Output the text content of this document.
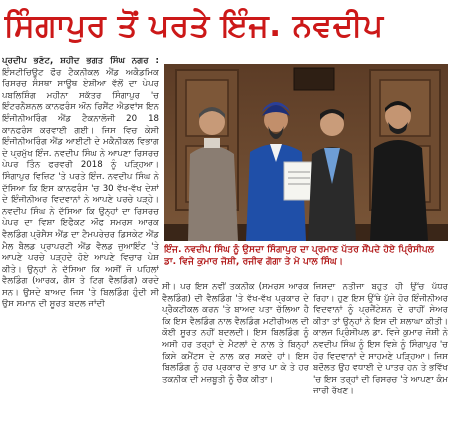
ਸਿੰਗਾਪੁਰ ਤੋਂ ਪਰਤੇ ਇੰਜ. ਨਵਦੀਪ
ਪ੍ਰਦੀਪ ਭਣੋਟ, ਸ਼ਹੀਦ ਭਗਤ ਸਿੰਘ ਨਗਰ : ਇੰਸਟੀਚਿਊਟ ਫੌਰ ਟੈਕਨੀਕਲ ਐਂਡ ਅਕੈਡਮਿਕ ਰਿਸਰਚ ਸੰਸਥਾ ਸਾਊਥ ਏਸ਼ੀਆ ਵੱਲੋਂ ਦਾ ਪੇਪਰ ਪਬਲਿਸ਼ਿੰਗ ਮਹੀਨਾ ਸਕੱਤਰ ਸਿੰਗਾਪੁਰ 'ਚ ਇੰਟਰਨੈਸ਼ਨਲ ਕਾਨਫਰੰਸ ਔਨ ਰਿਸੈਂਟ ਐਡਵਾਂਸ ਇਨ ਇੰਜੀਨੀਅਰਿੰਗ ਐਂਡ ਟੈਕਨਾਲੋਜੀ 20 18 ਕਾਨਫਰੰਸ ਕਰਵਾਈ ਗਈ। ਜਿਸ ਵਿਚ ਕੇਸੀ ਇੰਜੀਨੀਅਰਿੰਗ ਐਂਡ ਆਈਟੀ ਦੇ ਮਕੈਨੀਕਲ ਵਿਭਾਗ ਦੇ ਪ੍ਰਮੁੱਖ ਇੰਜ. ਨਵਦੀਪ ਸਿੰਘ ਨੇ ਆਪਣਾ ਰਿਸਰਚ ਪੇਪਰ ਤਿੰਨ ਫਰਵਰੀ 2018 ਨੂੰ ਪੜ੍ਹਿਆ। ਸਿੰਗਾਪੁਰ ਵਿਜ਼ਿਟ 'ਤੇ ਪਰਤੇ ਇੰਜ. ਨਵਦੀਪ ਸਿੰਘ ਨੇ ਦੱਸਿਆ ਕਿ ਇਸ ਕਾਨਫਰੰਸ 'ਚ 30 ਵੱਖ-ਵੱਖ ਦੇਸ਼ਾਂ ਦੇ ਇੰਜੀਨੀਅਰ ਵਿਦਵਾਨਾਂ ਨੇ ਆਪਣੇ ਪਰਚੇ ਪੜ੍ਹੇ। ਨਵਦੀਪ ਸਿੰਘ ਨੇ ਦੱਸਿਆ ਕਿ ਉਨ੍ਹਾਂ ਦਾ ਰਿਸਰਚ ਪੇਪਰ ਦਾ ਵਿਸ਼ਾ ਇਫੈਕਟ ਔਫ ਸਮਰਸ ਆਰਕ ਵੈਲਡਿੰਗ ਪ੍ਰੋਸੈਸ ਐਂਡ ਦਾ ਟੈਮਪਰੇਚਰ ਡਿਸਕੇਟ ਐਂਡ ਮੈਲ ਬੈਲਡ ਪ੍ਰਾਪਰਟੀ ਐਂਡ ਵੈਲਡ ਜੁਆਇੰਟ 'ਤੇ ਆਪਣੇ ਪਰਚੇ ਪੜ੍ਹਦੇ ਹੋਏ ਆਪਣੇ ਵਿਚਾਰ ਪੇਸ਼ ਕੀਤੇ। ਉਨ੍ਹਾਂ ਨੇ ਦੱਸਿਆ ਕਿ ਅਸੀਂ ਜੋ ਪਹਿਲਾਂ ਵੈਲਡਿੰਗ (ਆਰਕ, ਗੈਸ ਤੇ ਟਿਗ ਵੈਲਡਿੰਗ) ਕਰਦੇ ਸਨ। ਉਸਦੇ ਬਾਅਦ ਜਿਸ 'ਤੇ ਬਿਲਡਿੰਗ ਹੁੰਦੀ ਸੀ ਉਸ ਸਮਾਨ ਦੀ ਸੂਰਤ ਬਦਲ ਜਾਂਦੀ
ਇੰਜ. ਨਵਦੀਪ ਸਿੰਘ ਨੂੰ ਉਸਦਾ ਸਿੰਗਾਪੁਰ ਦਾ ਪ੍ਰਮਾਣ ਪੱਤਰ ਸੌਂਪਦੇ ਹੋਏ ਪ੍ਰਿੰਸੀਪਲ
ਡਾ. ਵਿਜੇ ਕੁਮਾਰ ਜੋਸ਼ੀ, ਰਜੀਵ ਗੋਗਾ ਤੇ ਮੋ ਪਾਲ ਸਿੰਘ।
ਸੀ। ਪਰ ਇਸ ਨਵੀਂ ਤਕਨੀਕ (ਸਮਰਸ ਆਰਕ ਵੈਲਡਿੰਗ) ਦੀ ਵੈਲਡਿੰਗ 'ਤੇ ਵੱਖ-ਵੱਖ ਪ੍ਰਕਾਰ ਦੇ ਪ੍ਰੈਕਟੀਕਲ ਕਰਨ 'ਤੇ ਬਾਅਦ ਪਤਾ ਚੱਲਿਆ ਹੈ ਕਿ ਇਸ ਵੈਲਡਿੰਗ ਨਾਲ ਵੈਲਡਿੰਗ ਮਟੀਰੀਅਲ ਦੀ ਕੋਈ ਸੂਰਤ ਨਹੀਂ ਬਦਲਦੀ। ਇਸ ਬਿਲਡਿੰਗ ਨੂੰ ਅਸੀ ਹਰ ਤਰ੍ਹਾਂ ਦੇ ਮੈਟਲਾਂ ਦੇ ਨਾਲ ਤੇ ਬਿਨ੍ਹਾਂ ਕਿਸੇ ਕਮੈਂਟਸ ਦੇ ਨਾਲ ਕਰ ਸਕਦੇ ਹਾਂ। ਇਸ ਬਿਲਡਿੰਗ ਨੂੰ ਹਰ ਪ੍ਰਕਾਰ ਦੇ ਭਾਰ ਪਾ ਕੇ ਤੇ ਹਰ ਤਕਨੀਕ ਦੀ ਮਜ਼ਬੂਤੀ ਨੂੰ ਚੈੱਕ ਕੀਤਾ।
ਜਿਸਦਾ ਨਤੀਜਾ ਬਹੁਤ ਹੀ ਉੱਚ ਪੱਧਰ ਰਿਹਾ। ਹੁਣ ਇਸ ਉੱਥੇ ਪੁੱਜੇ ਹੋਰ ਇੰਜੀਨੀਅਰ ਵਿਦਵਾਨਾਂ ਨੂੰ ਪ੍ਰਜੈਂਟੇਸ਼ਨ ਦੇ ਰਾਹੀਂ ਸੇਅਰ ਕੀਤਾ ਤਾਂ ਉਨ੍ਹਾਂ ਨੇ ਇਸ ਦੀ ਸ਼ਲਾਘਾ ਕੀਤੀ। ਕਾਲਜ ਪ੍ਰਿੰਸੀਪਲ ਡਾ. ਵਿਜੇ ਕੁਮਾਰ ਜੋਸ਼ੀ ਨੇ ਨਵਦੀਪ ਸਿੰਘ ਨੂੰ ਇਸ ਵਿਸ਼ੇ ਨੂੰ ਸਿੰਗਾਪੁਰ 'ਚ ਹੋਰ ਵਿਦਵਾਨਾਂ ਦੇ ਸਾਹਮਣੇ ਪੜ੍ਹਿਆ। ਜਿਸ ਬਦੌਲਤ ਉਹ ਵਧਾਈ ਦੇ ਪਾਤਰ ਹਨ ਤੇ ਭਵਿੱਖ 'ਚ ਇਸ ਤਰ੍ਹਾਂ ਦੀ ਰਿਸਰਚ 'ਤੇ ਆਪਣਾ ਕੰਮ ਜਾਰੀ ਰੱਖਣ।
